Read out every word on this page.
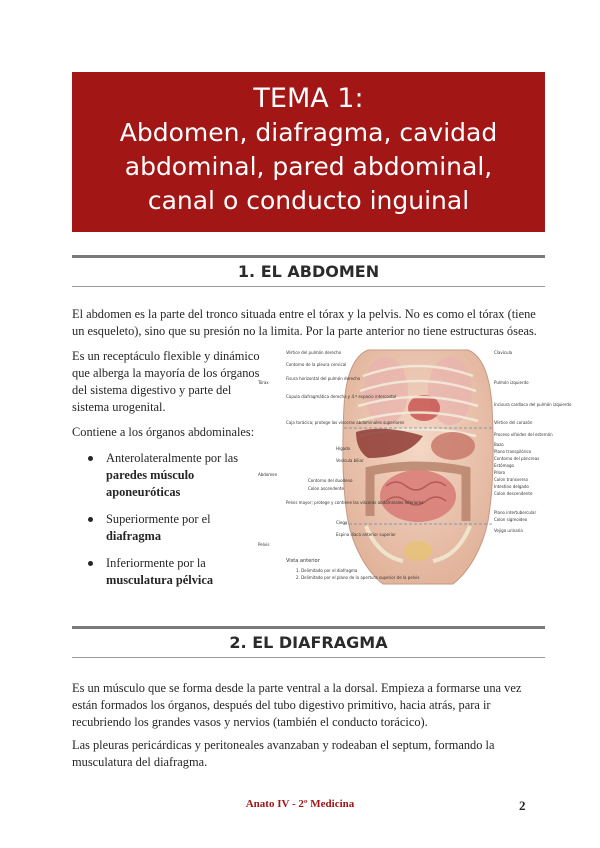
TEMA 1:
Abdomen, diafragma, cavidad
abdominal, pared abdominal,
canal o conducto inguinal
1. EL ABDOMEN
El abdomen es la parte del tronco situada entre el tórax y la pelvis. No es como el tórax (tiene un esqueleto), sino que su presión no la limita. Por la parte anterior no tiene estructuras óseas.
Es un receptáculo flexible y dinámico que alberga la mayoría de los órganos del sistema digestivo y parte del sistema urogenital.
Contiene a los órganos abdominales:
Anterolateralmente por las paredes músculo aponeuróticas
Superiormente por el diafragma
Inferiormente por la musculatura pélvica
Tórax
Abdomen
Pelvis
Vértice del pulmón derecho
Contorno de la pleura cervical
Fisura horizontal del pulmón derecho
Cúpula diafragmática derecha y 4.º espacio intercostal
Caja torácica; protege las vísceras abdominales superiores
Hígado
Vesícula biliar
Contorno del duodeno
Colon ascendente
Pelvis mayor; protege y contiene las vísceras abdominales inferiores
Ciego
Espina ilíaca anterior superior
Clavícula
Pulmón izquierdo
Incisura cardíaca del pulmón izquierdo
Vértice del corazón
Proceso xifoides del esternón
Bazo
Plano transpilórico
Contorno del páncreas
Estómago
Píloro
Colon transverso
Intestino delgado
Colon descendente
Plano intertubercular
Colon sigmoideo
Vejiga urinaria
Vista anterior
1. Delimitado por el diafragma
2. Delimitado por el plano de la apertura superior de la pelvis
2. EL DIAFRAGMA
Es un músculo que se forma desde la parte ventral a la dorsal. Empieza a formarse una vez están formados los órganos, después del tubo digestivo primitivo, hacia atrás, para ir recubriendo los grandes vasos y nervios (también el conducto torácico).
Las pleuras pericárdicas y peritoneales avanzaban y rodeaban el septum, formando la musculatura del diafragma.
Anato IV - 2º Medicina	2
